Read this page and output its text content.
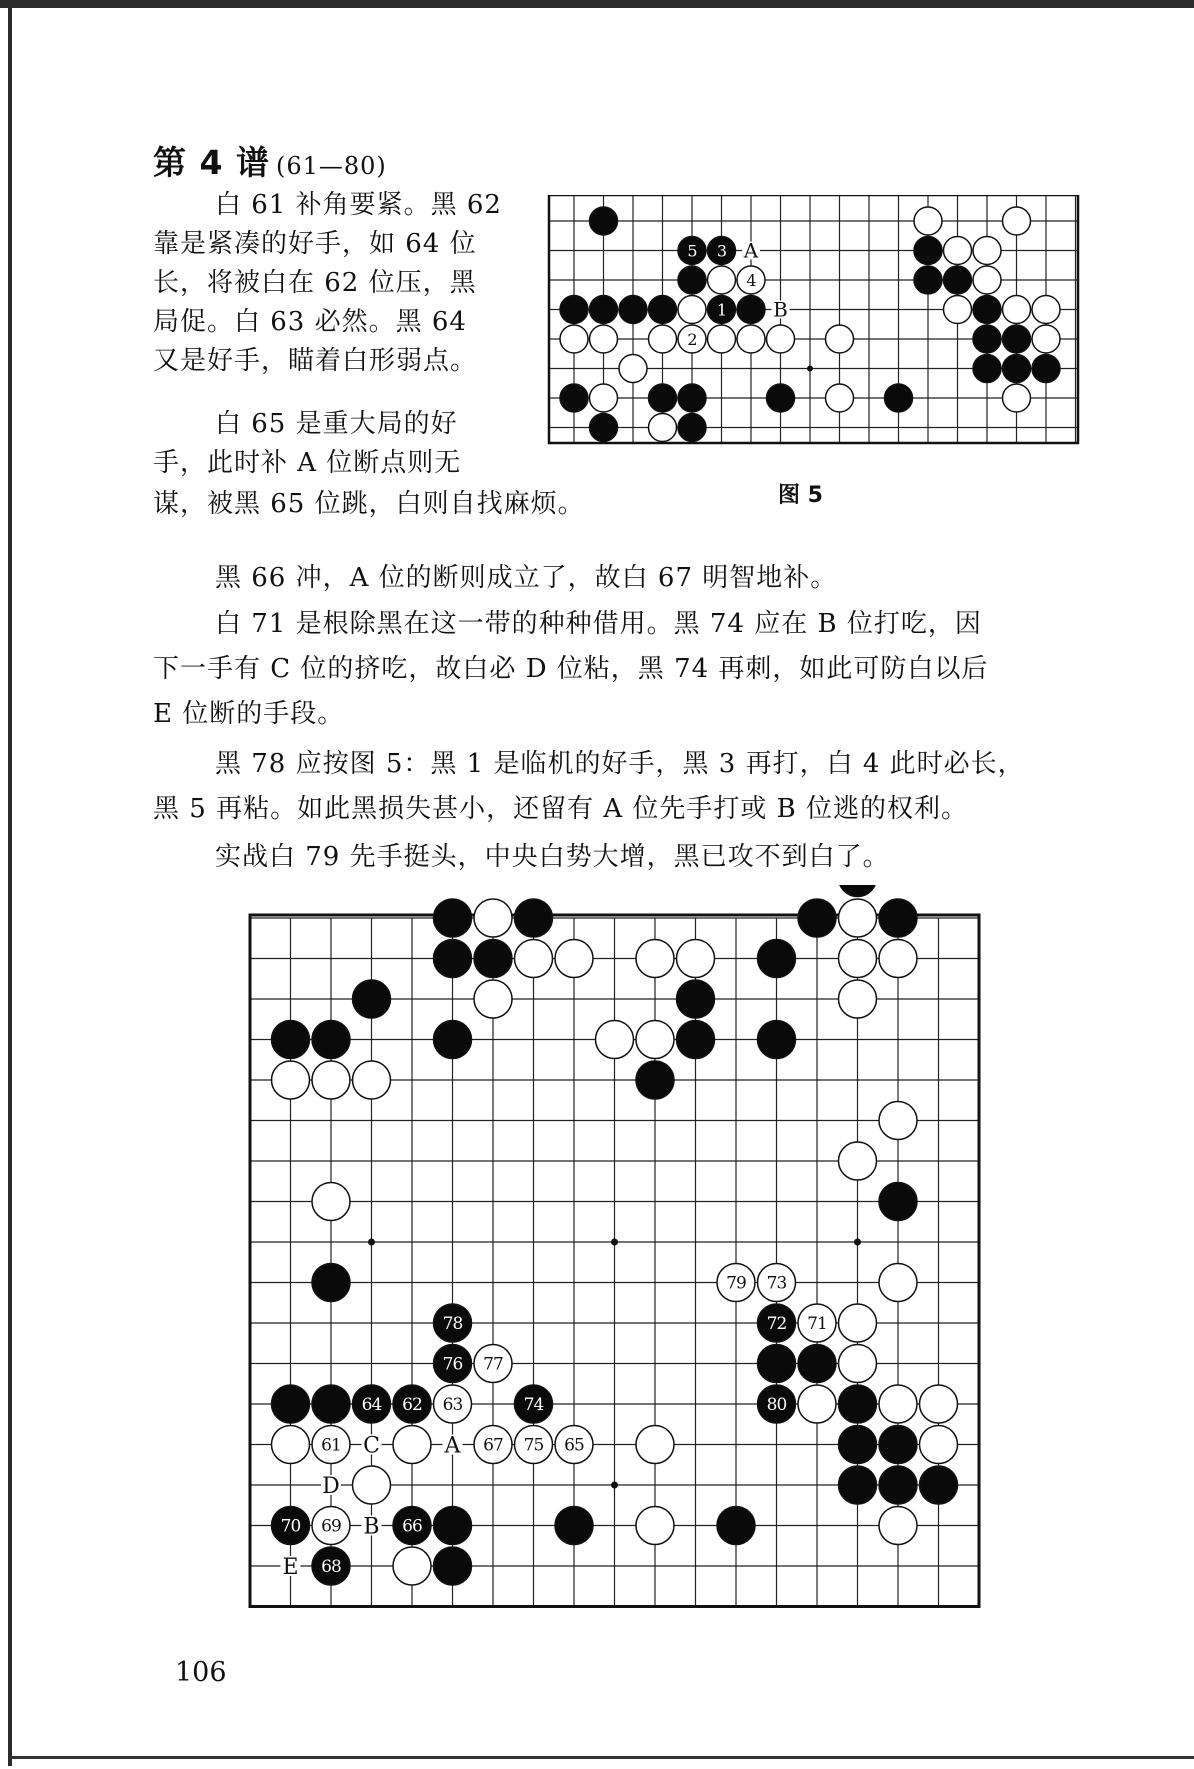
第 4 谱 (61—80)
白 61 补角要紧。黑 62
靠是紧凑的好手，如 64 位
长，将被白在 62 位压，黑
局促。白 63 必然。黑 64
又是好手，瞄着白形弱点。
白 65 是重大局的好
手，此时补 A 位断点则无
谋，被黑 65 位跳，白则自找麻烦。
黑 66 冲，A 位的断则成立了，故白 67 明智地补。
白 71 是根除黑在这一带的种种借用。黑 74 应在 B 位打吃，因
下一手有 C 位的挤吃，故白必 D 位粘，黑 74 再刺，如此可防白以后
E 位断的手段。
黑 78 应按图 5：黑 1 是临机的好手，黑 3 再打，白 4 此时必长，
黑 5 再粘。如此黑损失甚小，还留有 A 位先手打或 B 位逃的权利。
实战白 79 先手挺头，中央白势大增，黑已攻不到白了。
A
B
5 3
4
1
2
图 5
C	A
D
B
E
79 73
78	72 71
76 77
64 62 63	74	80
61	67 75 65
70 69	66
68
106
